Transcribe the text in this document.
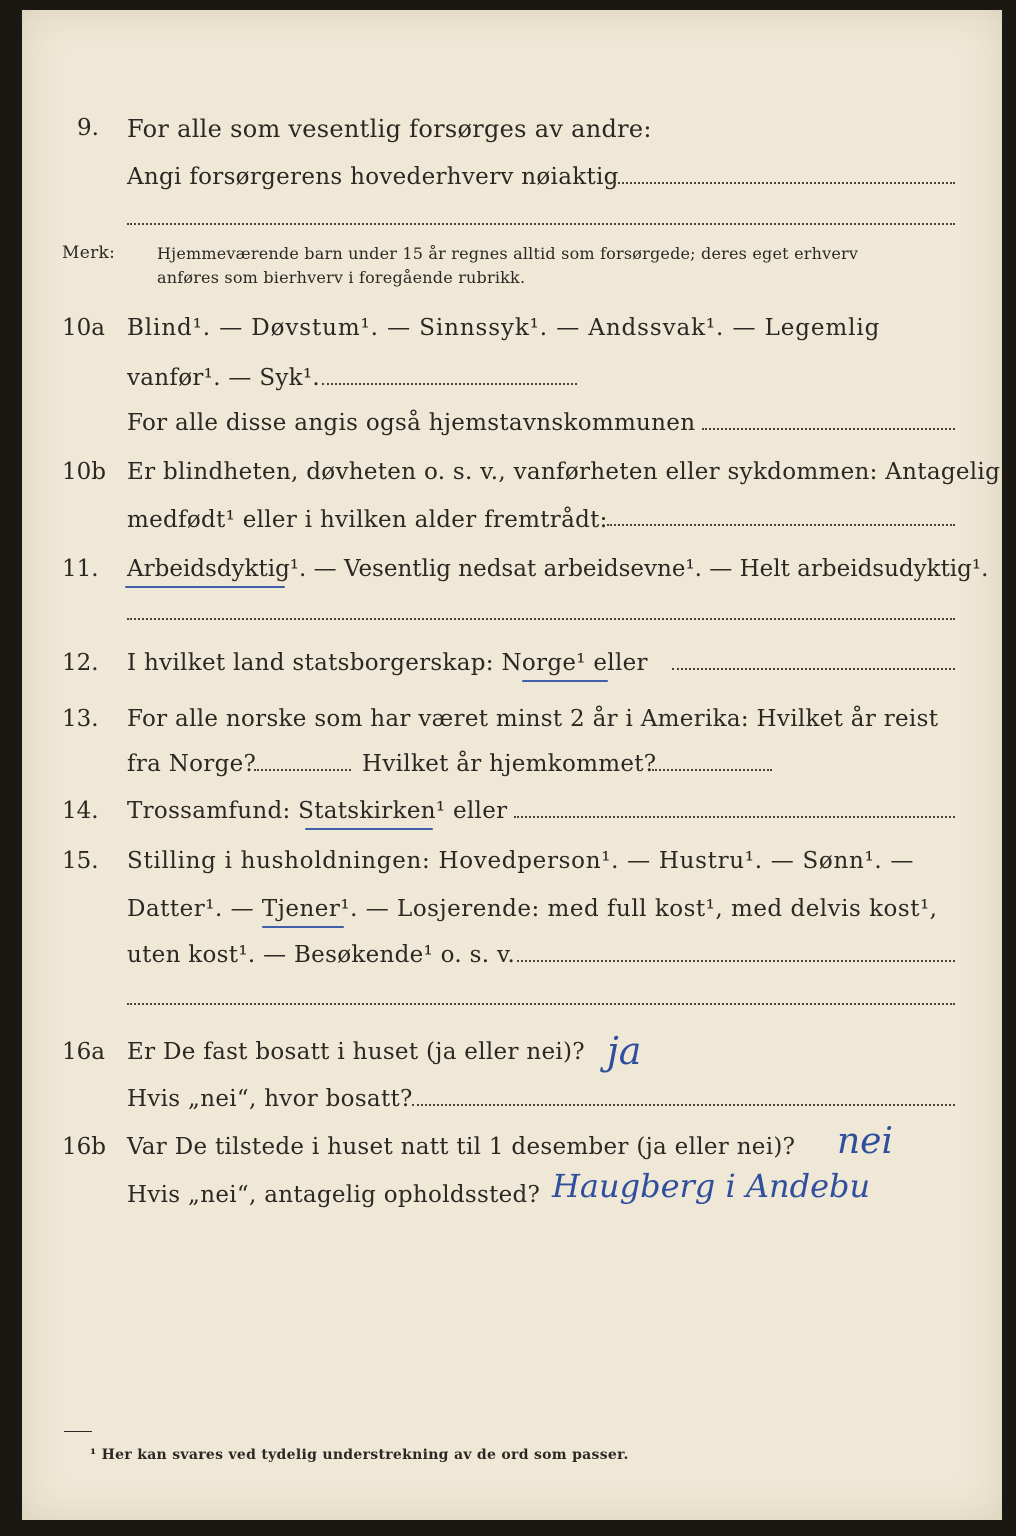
9. For alle som vesentlig forsørges av andre:
Angi forsørgerens hovederhverv nøiaktig
Merk:	Hjemmeværende barn under 15 år regnes alltid som forsørgede; deres eget erhverv
anføres som bierhverv i foregående rubrikk.
10a Blind¹. — Døvstum¹. — Sinnssyk¹. — Andssvak¹. — Legemlig
vanfør¹. — Syk¹.
For alle disse angis også hjemstavnskommunen
10b Er blindheten, døvheten o. s. v., vanførheten eller sykdommen: Antagelig
medfødt¹ eller i hvilken alder fremtrådt:
11. Arbeidsdyktig¹. — Vesentlig nedsat arbeidsevne¹. — Helt arbeidsudyktig¹.
12. I hvilket land statsborgerskap: Norge¹ eller
13. For alle norske som har været minst 2 år i Amerika: Hvilket år reist
fra Norge?	Hvilket år hjemkommet?
14. Trossamfund: Statskirken¹ eller
15. Stilling i husholdningen: Hovedperson¹. — Hustru¹. — Sønn¹. —
Datter¹. — Tjener¹. — Losjerende: med full kost¹, med delvis kost¹,
uten kost¹. — Besøkende¹ o. s. v.
16a Er De fast bosatt i huset (ja eller nei)? ja
Hvis „nei“, hvor bosatt?
16b Var De tilstede i huset natt til 1 desember (ja eller nei)? nei
Hvis „nei“, antagelig opholdssted? Haugberg i Andebu
¹ Her kan svares ved tydelig understrekning av de ord som passer.
